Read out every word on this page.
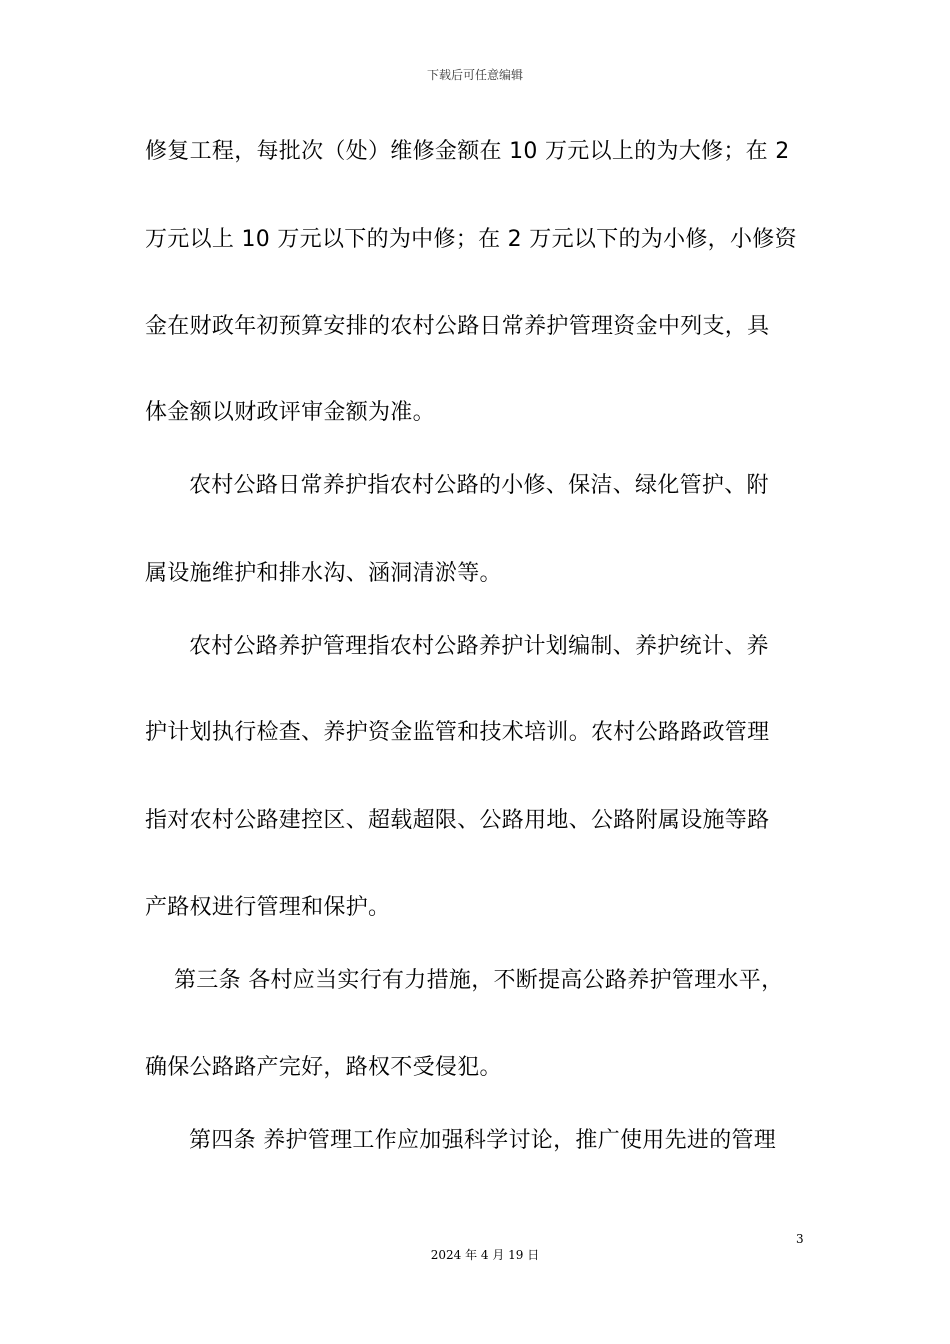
下载后可任意编辑
修复工程，每批次（处）维修金额在 10 万元以上的为大修；在 2
万元以上 10 万元以下的为中修；在 2 万元以下的为小修，小修资
金在财政年初预算安排的农村公路日常养护管理资金中列支，具
体金额以财政评审金额为准。
农村公路日常养护指农村公路的小修、保洁、绿化管护、附
属设施维护和排水沟、涵洞清淤等。
农村公路养护管理指农村公路养护计划编制、养护统计、养
护计划执行检查、养护资金监管和技术培训。农村公路路政管理
指对农村公路建控区、超载超限、公路用地、公路附属设施等路
产路权进行管理和保护。
第三条 各村应当实行有力措施，不断提高公路养护管理水平，
确保公路路产完好，路权不受侵犯。
第四条 养护管理工作应加强科学讨论，推广使用先进的管理
3
2024 年 4 月 19 日
